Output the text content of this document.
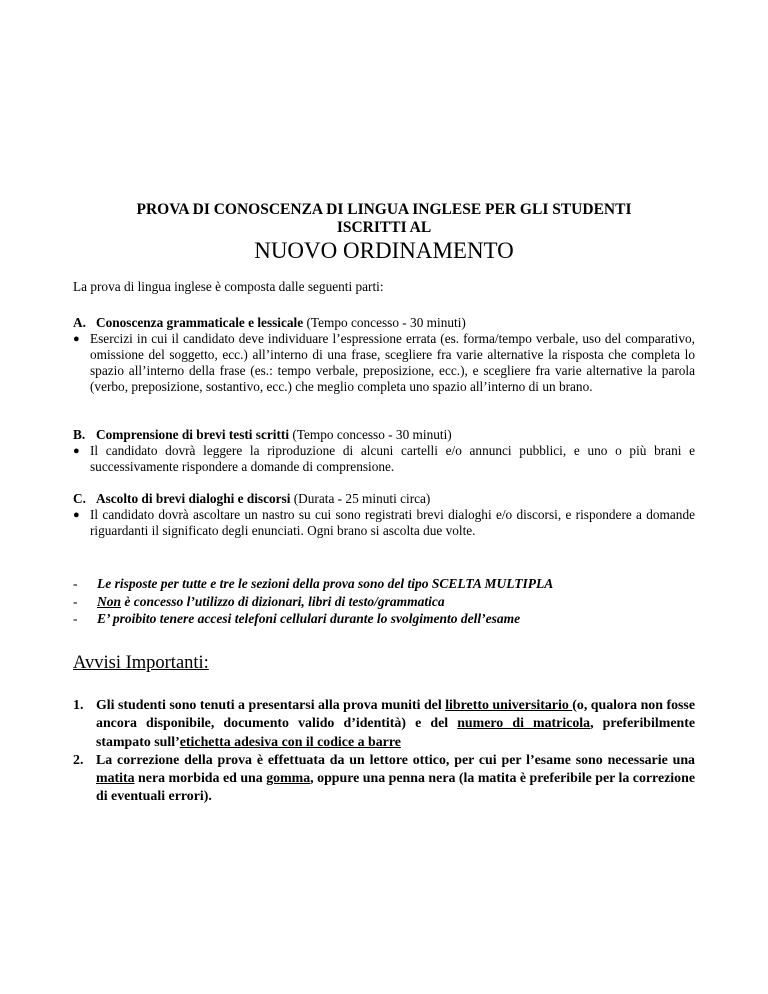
PROVA DI CONOSCENZA DI LINGUA INGLESE PER GLI STUDENTI
ISCRITTI AL
NUOVO ORDINAMENTO
La prova di lingua inglese è composta dalle seguenti parti:
A. Conoscenza grammaticale e lessicale (Tempo concesso - 30 minuti)
● Esercizi in cui il candidato deve individuare l’espressione errata (es. forma/tempo verbale, uso del comparativo, omissione del soggetto, ecc.) all’interno di una frase, scegliere fra varie alternative la risposta che completa lo spazio all’interno della frase (es.: tempo verbale, preposizione, ecc.), e scegliere fra varie alternative la parola (verbo, preposizione, sostantivo, ecc.) che meglio completa uno spazio all’interno di un brano.
B. Comprensione di brevi testi scritti (Tempo concesso - 30 minuti)
● Il candidato dovrà leggere la riproduzione di alcuni cartelli e/o annunci pubblici, e uno o più brani e successivamente rispondere a domande di comprensione.
C. Ascolto di brevi dialoghi e discorsi (Durata - 25 minuti circa)
● Il candidato dovrà ascoltare un nastro su cui sono registrati brevi dialoghi e/o discorsi, e rispondere a domande riguardanti il significato degli enunciati. Ogni brano si ascolta due volte.
-	Le risposte per tutte e tre le sezioni della prova sono del tipo SCELTA MULTIPLA
-	Non è concesso l’utilizzo di dizionari, libri di testo/grammatica
-	E’ proibito tenere accesi telefoni cellulari durante lo svolgimento dell’esame
Avvisi Importanti:
1. Gli studenti sono tenuti a presentarsi alla prova muniti del libretto universitario (o, qualora non fosse ancora disponibile, documento valido d’identità) e del numero di matricola, preferibilmente stampato sull’etichetta adesiva con il codice a barre
2. La correzione della prova è effettuata da un lettore ottico, per cui per l’esame sono necessarie una matita nera morbida ed una gomma, oppure una penna nera (la matita è preferibile per la correzione di eventuali errori).
